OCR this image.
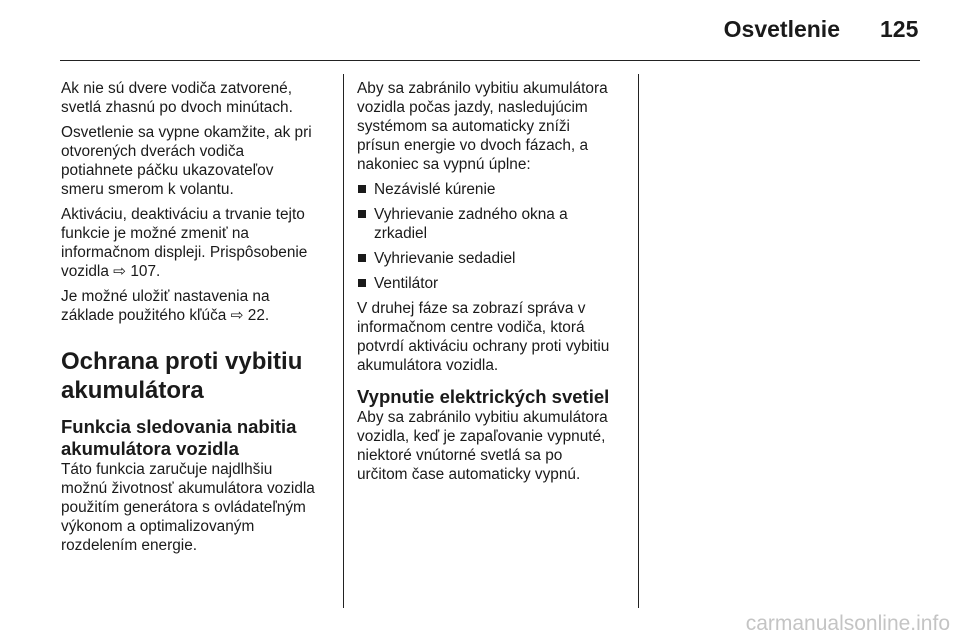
Osvetlenie 125

Ak nie sú dvere vodiča zatvorené,
svetlá zhasnú po dvoch minútach.

Osvetlenie sa vypne okamžite, ak pri
otvorených dverách vodiča
potiahnete páčku ukazovateľov
smeru smerom k volantu.

Aktiváciu, deaktiváciu a trvanie tejto
funkcie je možné zmeniť na
informačnom displeji. Prispôsobenie
vozidla ⇨ 107.

Je možné uložiť nastavenia na
základe použitého kľúča ⇨ 22.

Ochrana proti vybitiu
akumulátora
Funkcia sledovania nabitia
akumulátora vozidla

Táto funkcia zaručuje najdlhšiu
možnú životnosť akumulátora vozidla
použitím generátora s ovládateľným
výkonom a optimalizovaným
rozdelením energie.

Aby sa zabránilo vybitiu akumulátora
vozidla počas jazdy, nasledujúcim
systémom sa automaticky zníži
prísun energie vo dvoch fázach, a
nakoniec sa vypnú úplne:

Nezávislé kúrenie
Vyhrievanie zadného okna a
zrkadiel
Vyhrievanie sedadiel
Ventilátor

V druhej fáze sa zobrazí správa v
informačnom centre vodiča, ktorá
potvrdí aktiváciu ochrany proti vybitiu
akumulátora vozidla.

Vypnutie elektrických svetiel

Aby sa zabránilo vybitiu akumulátora
vozidla, keď je zapaľovanie vypnuté,
niektoré vnútorné svetlá sa po
určitom čase automaticky vypnú.

carmanualsonline.info
